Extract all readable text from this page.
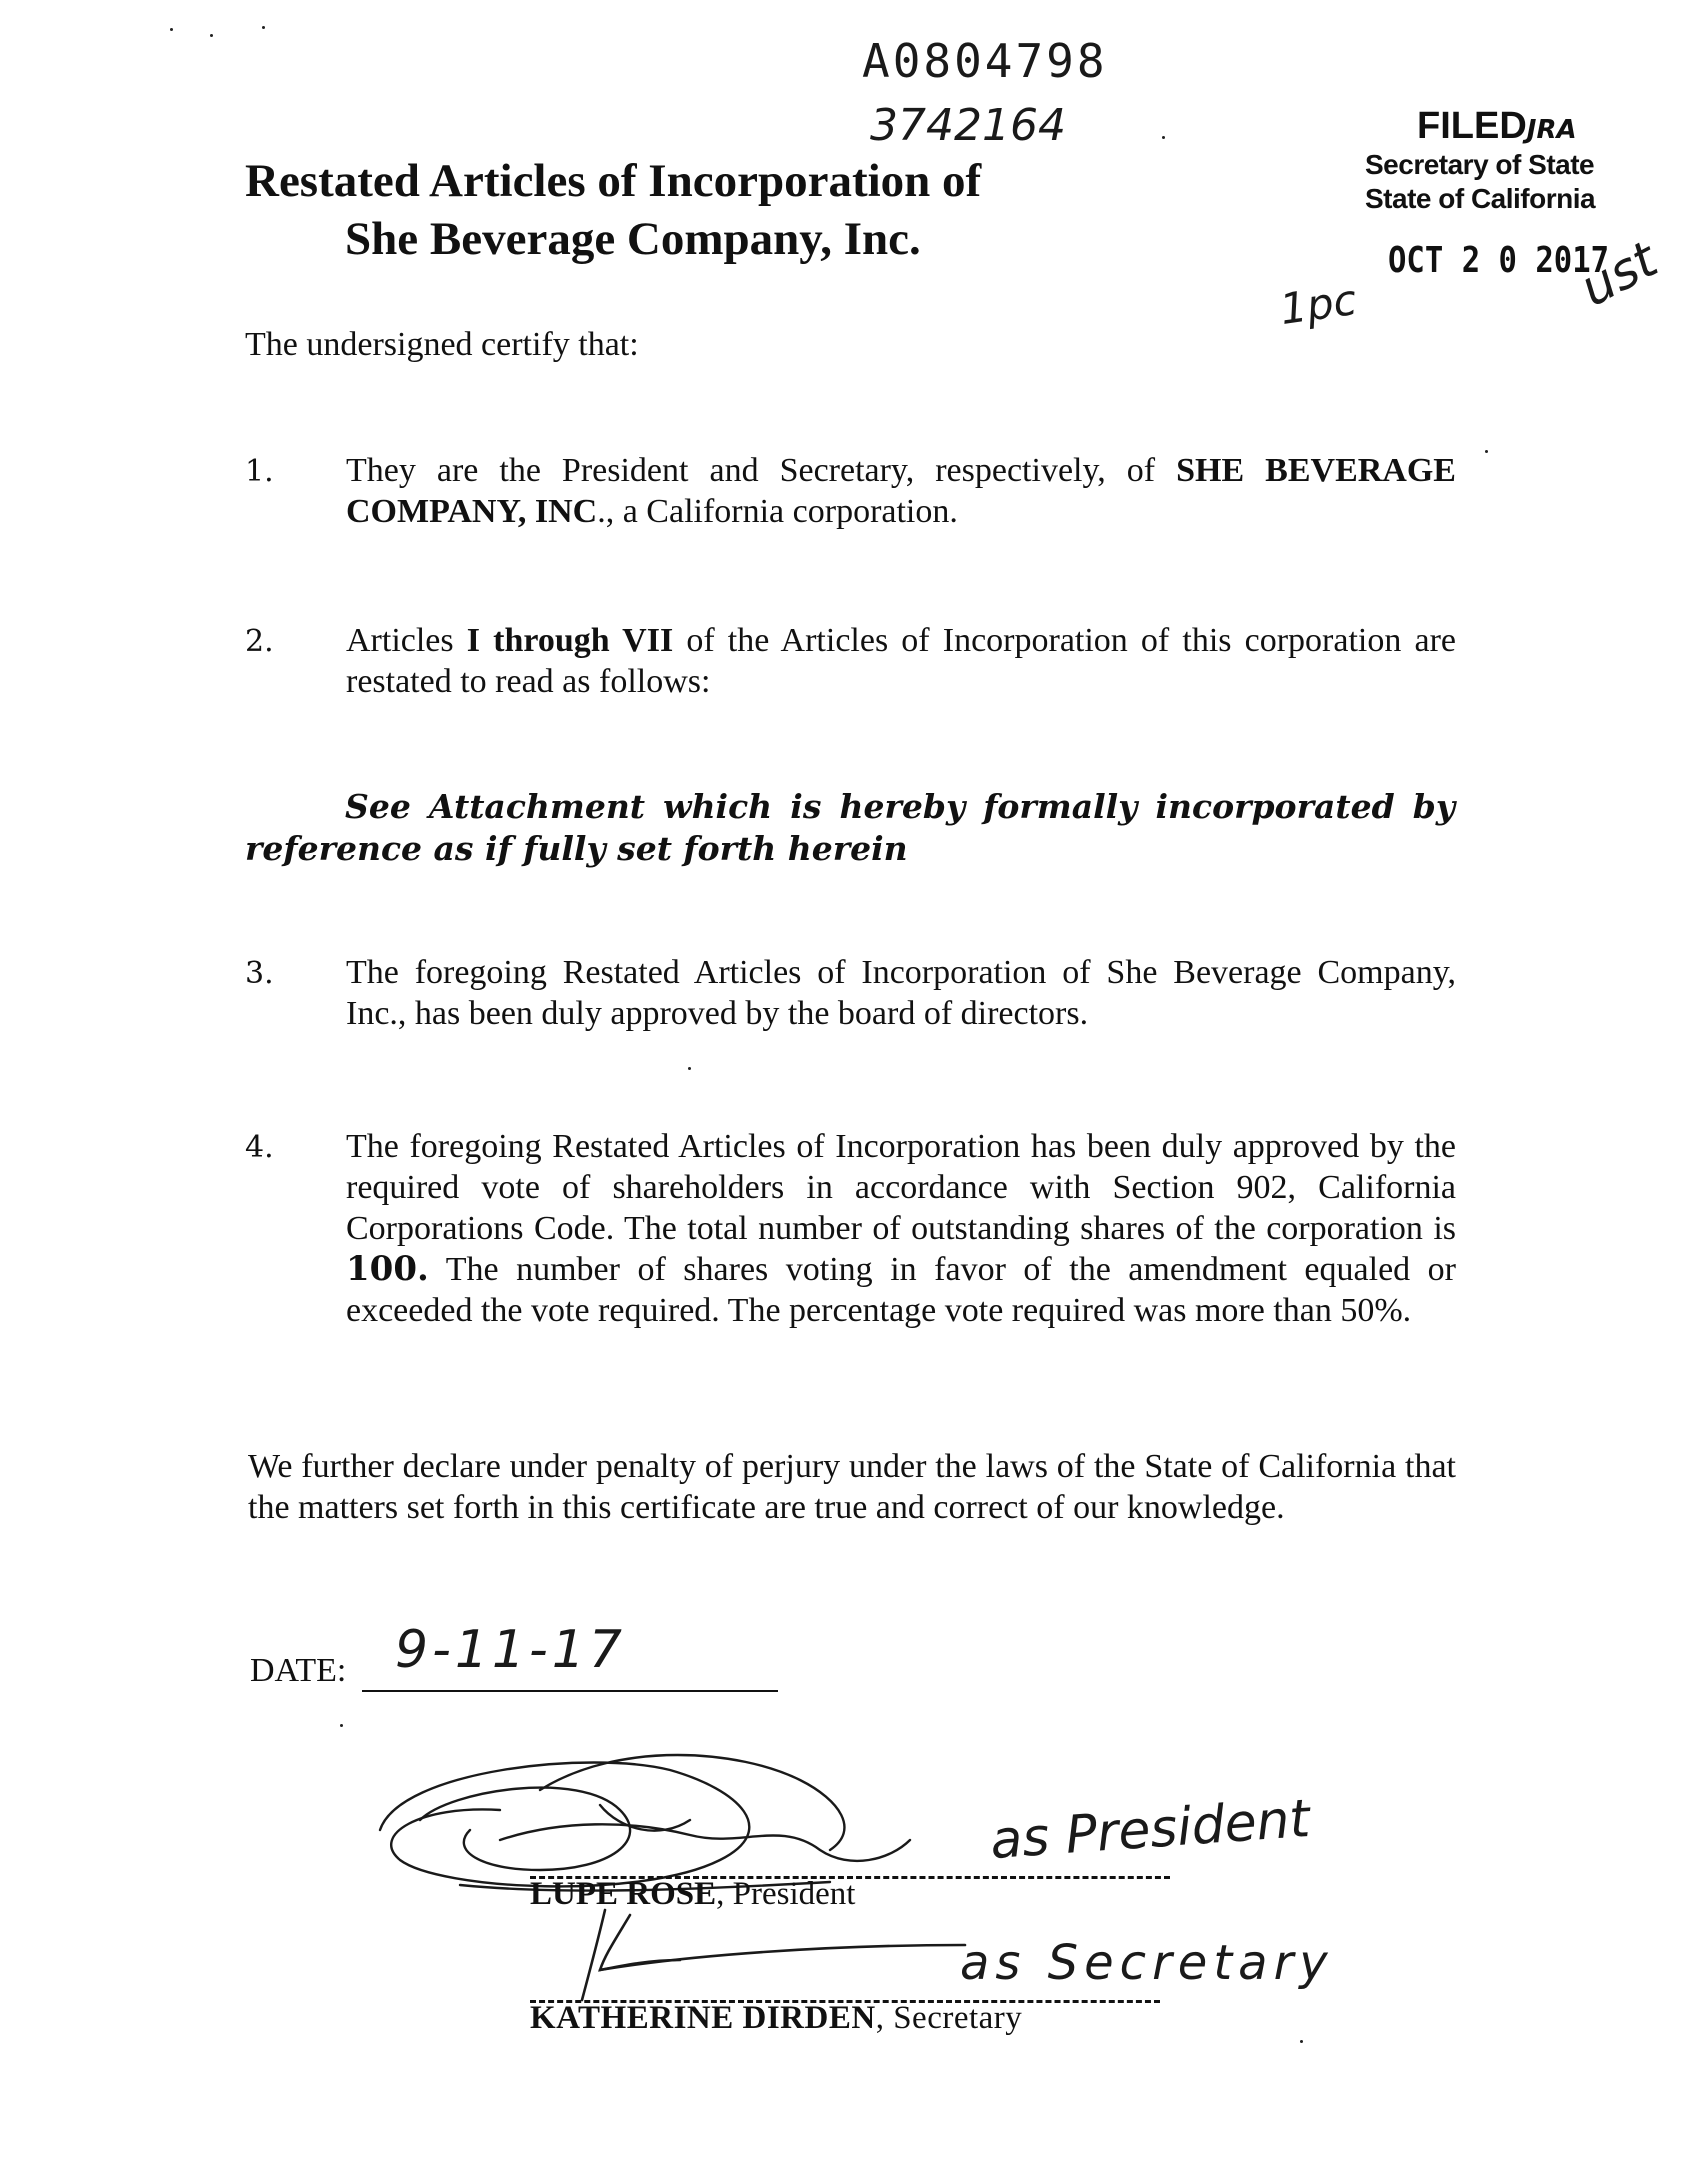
A0804798
3742164
Restated Articles of Incorporation of
She Beverage Company, Inc.
FILEDJRA
Secretary of State
State of California
OCT 2 0 2017
1pc	ust
The undersigned certify that:
1. They are the President and Secretary, respectively, of SHE BEVERAGE COMPANY, INC., a California corporation.
2. Articles I through VII of the Articles of Incorporation of this corporation are restated to read as follows:
See Attachment which is hereby formally incorporated by reference as if fully set forth herein
3. The foregoing Restated Articles of Incorporation of She Beverage Company, Inc., has been duly approved by the board of directors.
4. The foregoing Restated Articles of Incorporation has been duly approved by the required vote of shareholders in accordance with Section 902, California Corporations Code. The total number of outstanding shares of the corporation is 100. The number of shares voting in favor of the amendment equaled or exceeded the vote required. The percentage vote required was more than 50%.
We further declare under penalty of perjury under the laws of the State of California that the matters set forth in this certificate are true and correct of our knowledge.
DATE: 9-11-17
as President
LUPE ROSE, President
as Secretary
KATHERINE DIRDEN, Secretary
